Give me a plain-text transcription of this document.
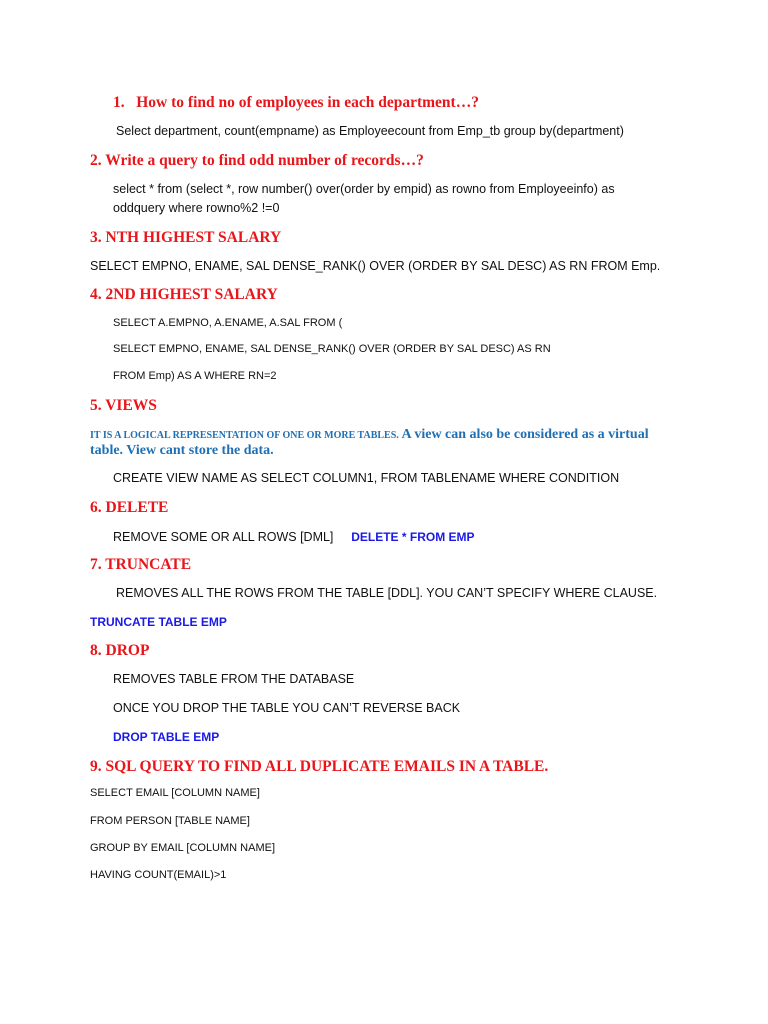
1. How to find no of employees in each department…?
Select department, count(empname) as Employeecount from Emp_tb group by(department)
2. Write a query to find odd number of records…?
select * from (select *, row number() over(order by empid) as rowno from Employeeinfo) as
oddquery where rowno%2 !=0
3. NTH HIGHEST SALARY
SELECT EMPNO, ENAME, SAL DENSE_RANK() OVER (ORDER BY SAL DESC) AS RN FROM Emp.
4. 2ND HIGHEST SALARY
SELECT A.EMPNO, A.ENAME, A.SAL FROM (
SELECT EMPNO, ENAME, SAL DENSE_RANK() OVER (ORDER BY SAL DESC) AS RN
FROM Emp) AS A WHERE RN=2
5. VIEWS
IT IS A LOGICAL REPRESENTATION OF ONE OR MORE TABLES. A view can also be considered as a virtual
table. View cant store the data.
CREATE VIEW NAME AS SELECT COLUMN1, FROM TABLENAME WHERE CONDITION
6. DELETE
REMOVE SOME OR ALL ROWS [DML] DELETE * FROM EMP
7. TRUNCATE
REMOVES ALL THE ROWS FROM THE TABLE [DDL]. YOU CAN’T SPECIFY WHERE CLAUSE.
TRUNCATE TABLE EMP
8. DROP
REMOVES TABLE FROM THE DATABASE
ONCE YOU DROP THE TABLE YOU CAN’T REVERSE BACK
DROP TABLE EMP
9. SQL QUERY TO FIND ALL DUPLICATE EMAILS IN A TABLE.
SELECT EMAIL [COLUMN NAME]
FROM PERSON [TABLE NAME]
GROUP BY EMAIL [COLUMN NAME]
HAVING COUNT(EMAIL)>1
